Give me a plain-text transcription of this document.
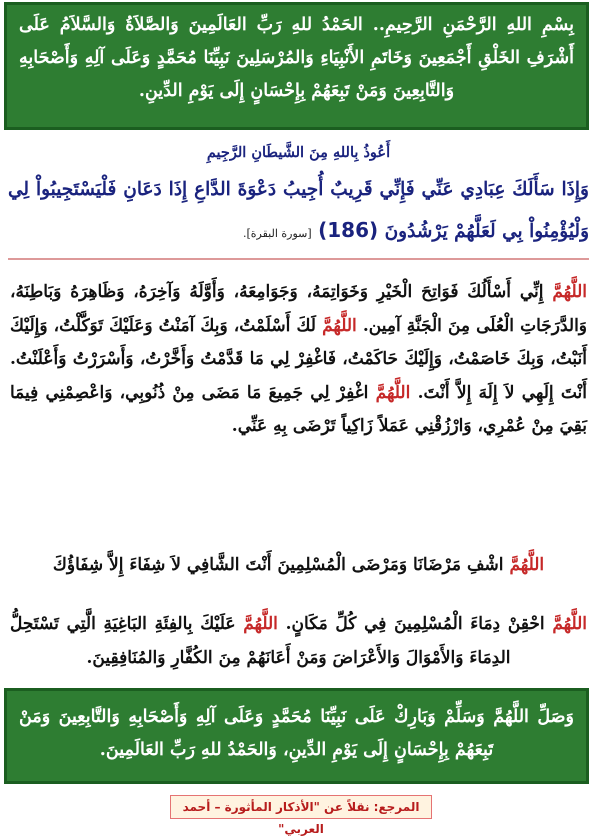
بِسْمِ اللهِ الرَّحْمَنِ الرَّحِيمِ.. الحَمْدُ للهِ رَبِّ العَالَمِينَ وَالصَّلاَةُ وَالسَّلاَمُ عَلَى أَشْرَفِ الخَلْقِ أَجْمَعِينَ وَخَاتَمِ الأَنْبِيَاءِ وَالمُرْسَلِينَ نَبِيِّنَا مُحَمَّدٍ وَعَلَى آلِهِ وَأَصْحَابِهِ وَالتَّابِعِينَ وَمَنْ تَبِعَهُمْ بِإِحْسَانٍ إِلَى يَوْمِ الدِّينِ.
أَعُوذُ بِاللهِ مِنَ الشَّيطَانِ الرَّجِيمِ
وَإِذَا سَأَلَكَ عِبَادِي عَنِّي فَإِنِّي قَرِيبٌ أُجِيبُ دَعْوَةَ الدَّاعِ إِذَا دَعَانِ فَلْيَسْتَجِيبُواْ لِي وَلْيُؤْمِنُواْ بِي لَعَلَّهُمْ يَرْشُدُونَ (186) [سورة البقرة].
اللَّهُمَّ إِنِّي أَسْأَلُكَ فَوَاتِحَ الْخَيْرِ وَخَوَاتِمَهُ، وَجَوَامِعَهُ، وَأَوَّلَهُ وَآخِرَهُ، وَظَاهِرَهُ وَبَاطِنَهُ، وَالدَّرَجَاتِ الْعُلَى مِنَ الْجَنَّةِ آمِين. اللَّهُمَّ لَكَ أَسْلَمْتُ، وَبِكَ آمَنْتُ وَعَلَيْكَ تَوَكَّلْتُ، وَإِلَيْكَ أَنَبْتُ، وَبِكَ خَاصَمْتُ، وَإِلَيْكَ حَاكَمْتُ، فَاغْفِرْ لِي مَا قَدَّمْتُ وَأَخَّرْتُ، وَأَسْرَرْتُ وَأَعْلَنْتُ. أَنْتَ إِلَهِي لاَ إِلَهَ إِلاَّ أَنْتَ. اللَّهُمَّ اغْفِرْ لِي جَمِيعَ مَا مَضَى مِنْ ذُنُوبِي، وَاعْصِمْنِي فِيمَا بَقِيَ مِنْ عُمْرِي، وَارْزُقْنِي عَمَلاً زَاكِياً تَرْضَى بِهِ عَنِّي.
اللَّهُمَّ اشْفِ مَرْضَانَا وَمَرْضَى الْمُسْلِمِينَ أَنْتَ الشَّافِي لاَ شِفَاءَ إِلاَّ شِفَاؤُكَ
اللَّهُمَّ احْقِنْ دِمَاءَ الْمُسْلِمِينَ فِي كُلِّ مَكَانٍ. اللَّهُمَّ عَلَيْكَ بِالفِئَةِ البَاغِيَةِ الَّتِي تَسْتَحِلُّ الدِمَاءَ وَالأَمْوَالَ وَالأَعْرَاضَ وَمَنْ أَعَانَهُمْ مِنَ الكُفَّارِ وَالمُنَافِقِينَ.
وَصَلِّ اللَّهُمَّ وَسَلِّمْ وَبَارِكْ عَلَى نَبِيِّنَا مُحَمَّدٍ وَعَلَى آلِهِ وَأَصْحَابِهِ وَالتَّابِعِينَ وَمَنْ تَبِعَهُمْ بِإِحْسَانٍ إِلَى يَوْمِ الدِّينِ، وَالحَمْدُ للهِ رَبِّ العَالَمِينَ.
المرجع: نقلاً عن "الأذكار المأثورة – أحمد العربي"
